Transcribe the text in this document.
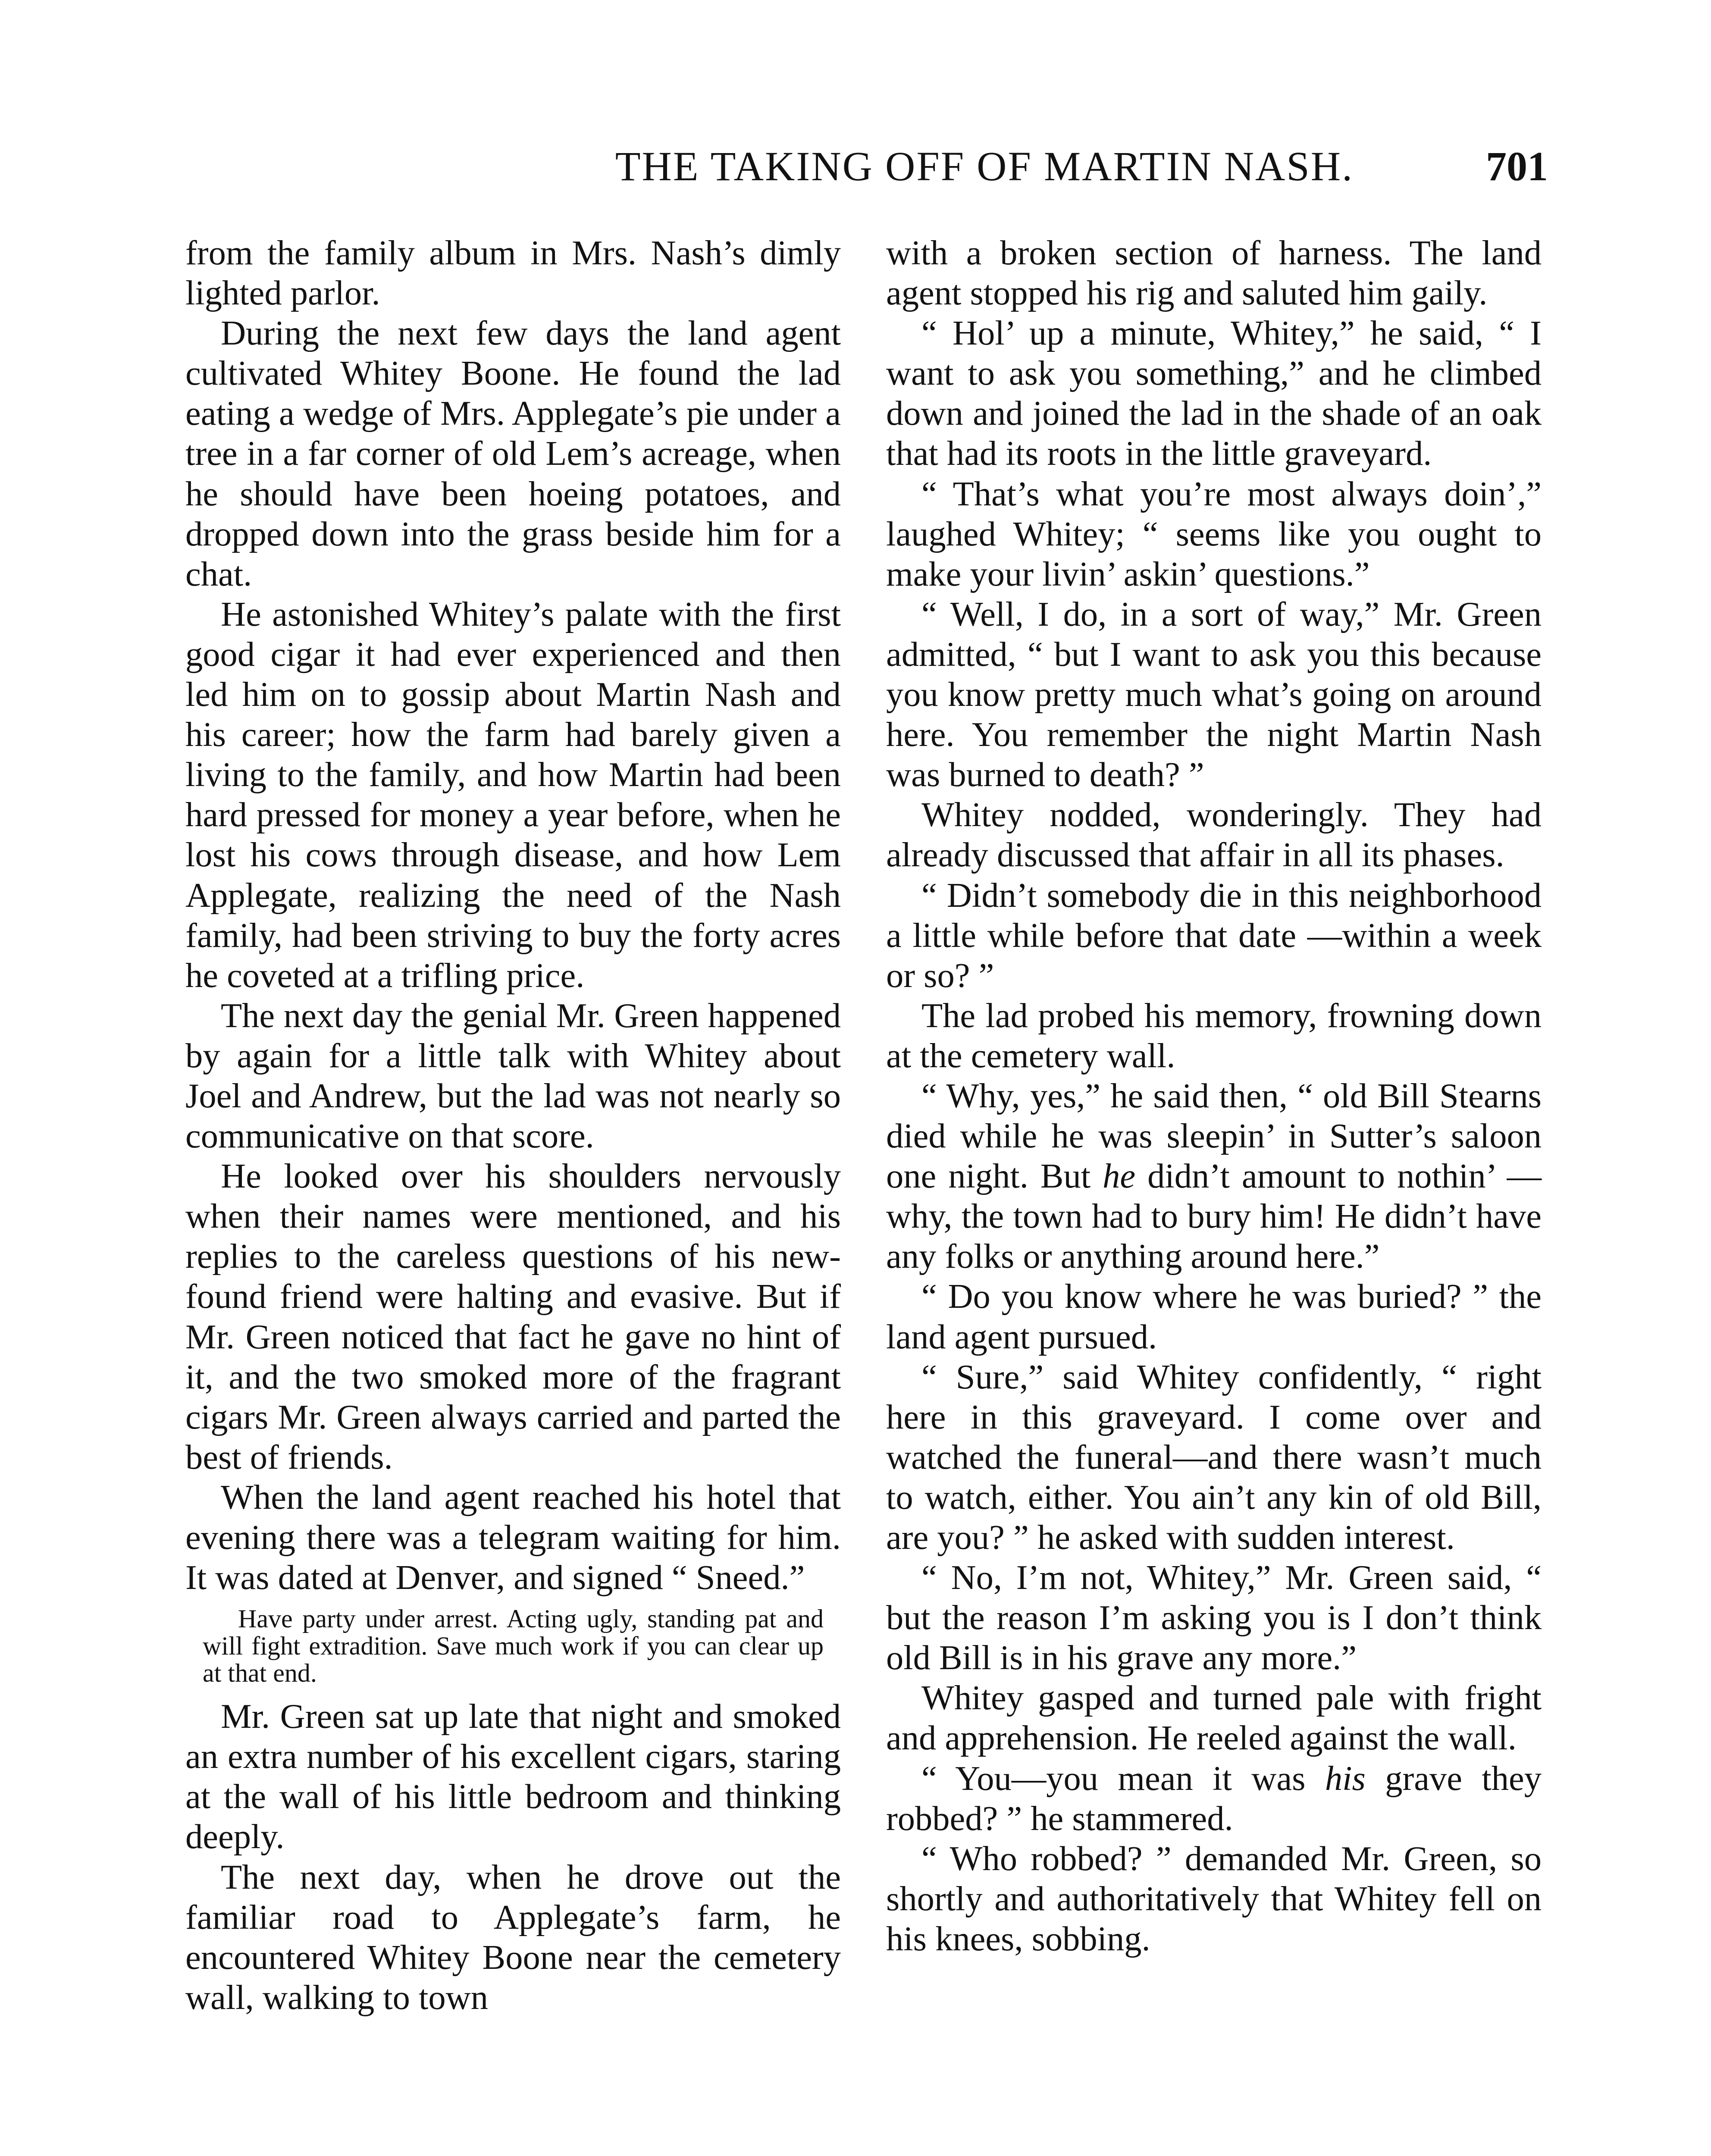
THE TAKING OFF OF MARTIN NASH.	701

from the family album in Mrs. Nash’s dimly lighted parlor.

During the next few days the land agent cultivated Whitey Boone. He found the lad eating a wedge of Mrs. Applegate’s pie under a tree in a far corner of old Lem’s acreage, when he should have been hoeing potatoes, and dropped down into the grass beside him for a chat.

He astonished Whitey’s palate with the first good cigar it had ever experienced and then led him on to gossip about Martin Nash and his career; how the farm had barely given a living to the family, and how Martin had been hard pressed for money a year before, when he lost his cows through disease, and how Lem Applegate, realizing the need of the Nash family, had been striving to buy the forty acres he coveted at a trifling price.

The next day the genial Mr. Green happened by again for a little talk with Whitey about Joel and Andrew, but the lad was not nearly so communicative on that score.

He looked over his shoulders nervously when their names were mentioned, and his replies to the careless questions of his new-found friend were halting and evasive. But if Mr. Green noticed that fact he gave no hint of it, and the two smoked more of the fragrant cigars Mr. Green always carried and parted the best of friends.

When the land agent reached his hotel that evening there was a telegram waiting for him. It was dated at Denver, and signed “ Sneed.”

Have party under arrest. Acting ugly, standing pat and will fight extradition. Save much work if you can clear up at that end.

Mr. Green sat up late that night and smoked an extra number of his excellent cigars, staring at the wall of his little bedroom and thinking deeply.

The next day, when he drove out the familiar road to Applegate’s farm, he encountered Whitey Boone near the cemetery wall, walking to town

with a broken section of harness. The land agent stopped his rig and saluted him gaily.

“ Hol’ up a minute, Whitey,” he said, “ I want to ask you something,” and he climbed down and joined the lad in the shade of an oak that had its roots in the little graveyard.

“ That’s what you’re most always doin’,” laughed Whitey; “ seems like you ought to make your livin’ askin’ questions.”

“ Well, I do, in a sort of way,” Mr. Green admitted, “ but I want to ask you this because you know pretty much what’s going on around here. You remember the night Martin Nash was burned to death? ”

Whitey nodded, wonderingly. They had already discussed that affair in all its phases.

“ Didn’t somebody die in this neighborhood a little while before that date —within a week or so? ”

The lad probed his memory, frowning down at the cemetery wall.

“ Why, yes,” he said then, “ old Bill Stearns died while he was sleepin’ in Sutter’s saloon one night. But he didn’t amount to nothin’ — why, the town had to bury him! He didn’t have any folks or anything around here.”

“ Do you know where he was buried? ” the land agent pursued.

“ Sure,” said Whitey confidently, “ right here in this graveyard. I come over and watched the funeral—and there wasn’t much to watch, either. You ain’t any kin of old Bill, are you? ” he asked with sudden interest.

“ No, I’m not, Whitey,” Mr. Green said, “ but the reason I’m asking you is I don’t think old Bill is in his grave any more.”

Whitey gasped and turned pale with fright and apprehension. He reeled against the wall.

“ You—you mean it was his grave they robbed? ” he stammered.

“ Who robbed? ” demanded Mr. Green, so shortly and authoritatively that Whitey fell on his knees, sobbing.
